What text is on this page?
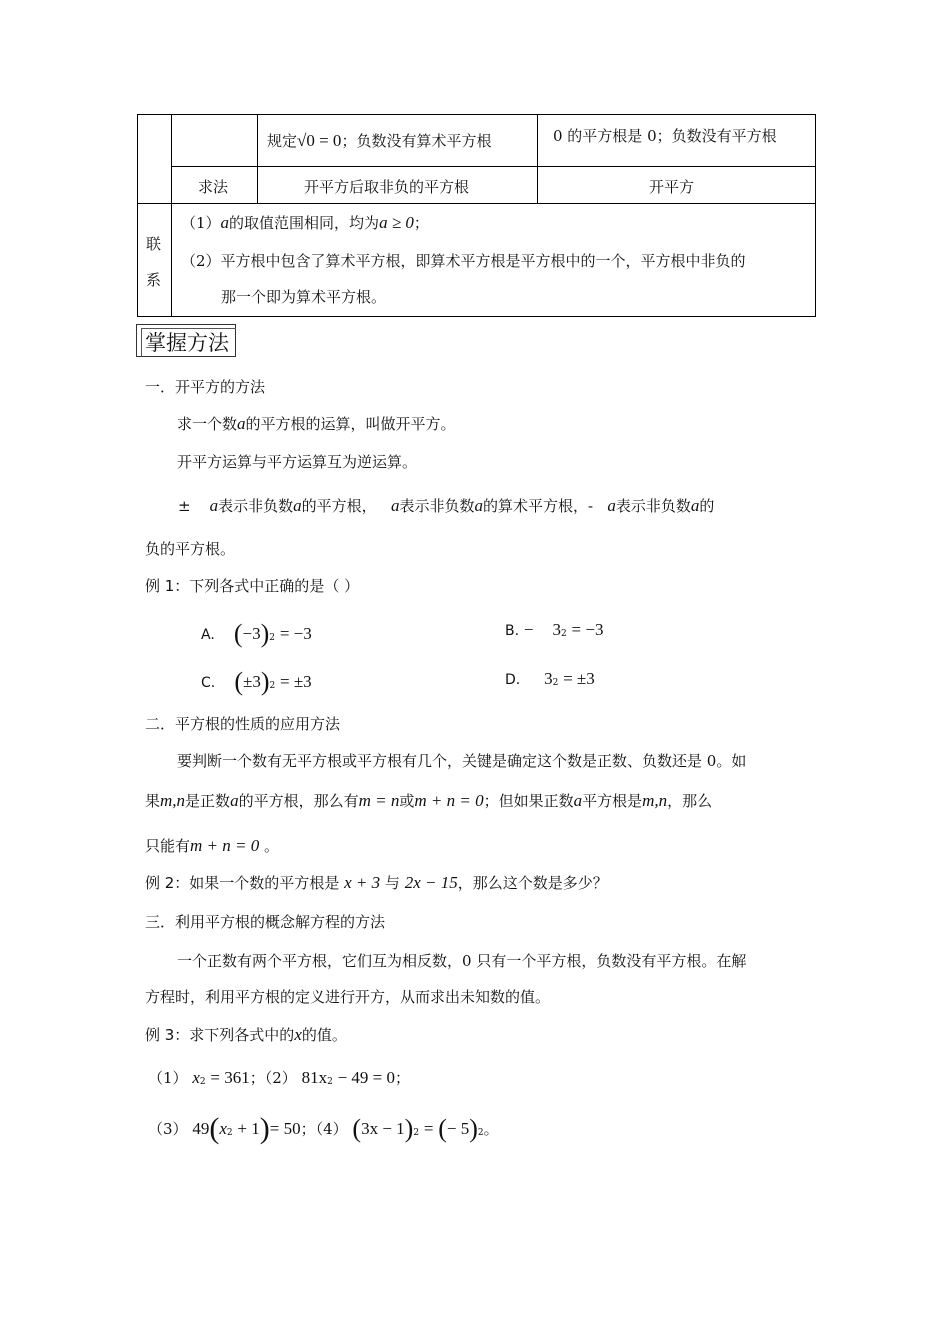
规定√0 = 0；负数没有算术平方根	0 的平方根是 0；负数没有平方根
求法	开平方后取非负的平方根	开平方
联
系
（1）a的取值范围相同，均为a ≥ 0；
（2）平方根中包含了算术平方根，即算术平方根是平方根中的一个，平方根中非负的
那一个即为算术平方根。
掌握方法
一．开平方的方法
求一个数a的平方根的运算，叫做开平方。
开平方运算与平方运算互为逆运算。
± a表示非负数a的平方根， a表示非负数a的算术平方根，- a表示非负数a的
负的平方根。
例 1：下列各式中正确的是（ ）
A. (−3)2 = −3	B. − 32 = −3
C. (±3)2 = ±3	D. 32 = ±3
二．平方根的性质的应用方法
要判断一个数有无平方根或平方根有几个，关键是确定这个数是正数、负数还是 0。如
果m,n是正数a的平方根，那么有m = n或m + n = 0；但如果正数a平方根是m,n，那么
只能有m + n = 0 。
例 2：如果一个数的平方根是 x + 3 与 2x − 15，那么这个数是多少？
三．利用平方根的概念解方程的方法
一个正数有两个平方根，它们互为相反数，0 只有一个平方根，负数没有平方根。在解
方程时，利用平方根的定义进行开方，从而求出未知数的值。
例 3：求下列各式中的x的值。
（1） x2 = 361；（2） 81x2 − 49 = 0；
（3） 49(x2 + 1)= 50；（4） (3x − 1)2 = (− 5)2。
